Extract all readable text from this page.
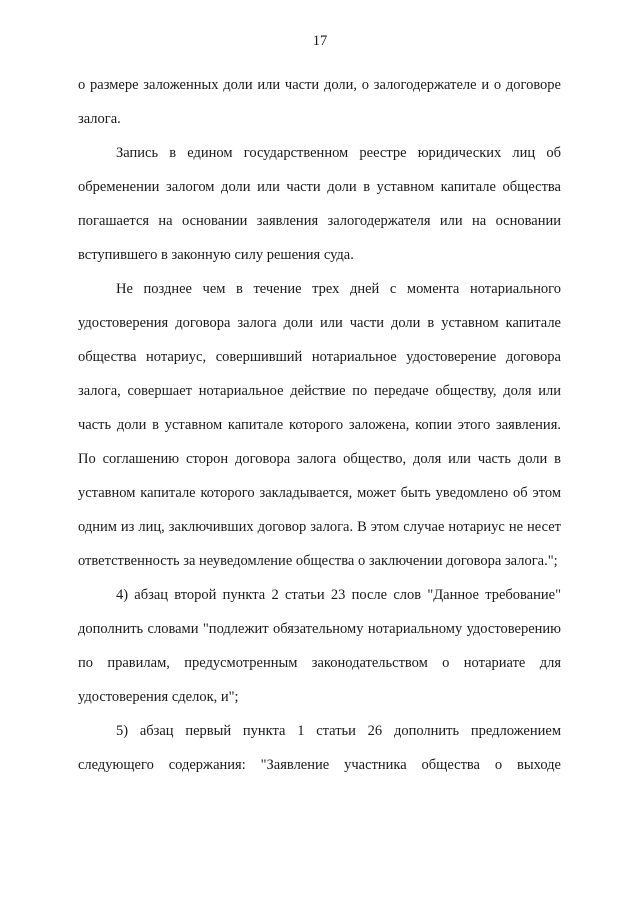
17

о размере заложенных доли или части доли, о залогодержателе и о договоре залога.

Запись в едином государственном реестре юридических лиц об обременении залогом доли или части доли в уставном капитале общества погашается на основании заявления залогодержателя или на основании вступившего в законную силу решения суда.

Не позднее чем в течение трех дней с момента нотариального удостоверения договора залога доли или части доли в уставном капитале общества нотариус, совершивший нотариальное удостоверение договора залога, совершает нотариальное действие по передаче обществу, доля или часть доли в уставном капитале которого заложена, копии этого заявления. По соглашению сторон договора залога общество, доля или часть доли в уставном капитале которого закладывается, может быть уведомлено об этом одним из лиц, заключивших договор залога. В этом случае нотариус не несет ответственность за неуведомление общества о заключении договора залога.";

4) абзац второй пункта 2 статьи 23 после слов "Данное требование" дополнить словами "подлежит обязательному нотариальному удостоверению по правилам, предусмотренным законодательством о нотариате для удостоверения сделок, и";

5) абзац первый пункта 1 статьи 26 дополнить предложением следующего содержания: "Заявление участника общества о выходе
